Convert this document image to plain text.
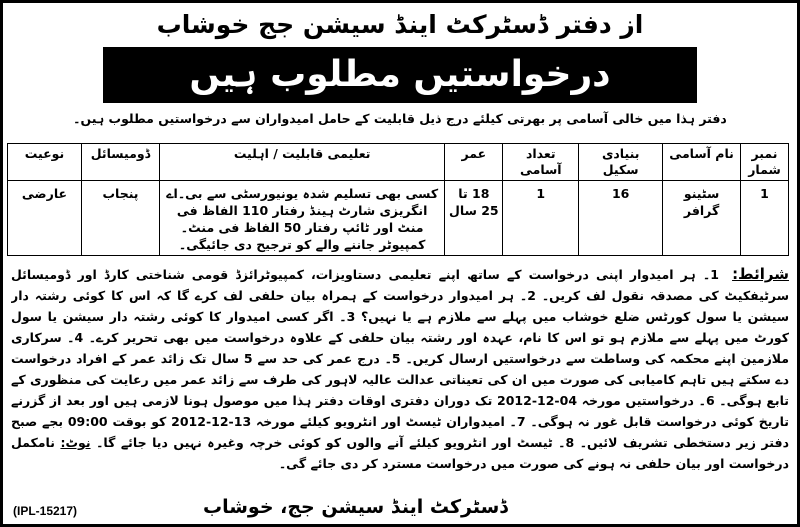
از دفتر ڈسٹرکٹ اینڈ سیشن جج خوشاب
درخواستیں مطلوب ہیں
دفتر ہذا میں خالی آسامی پر بھرتی کیلئے درج ذیل قابلیت کے حامل امیدواران سے درخواستیں مطلوب ہیں۔
نمبر شمار	نام آسامی	بنیادی سکیل	تعداد آسامی	عمر	تعلیمی قابلیت / اہلیت	ڈومیسائل	نوعیت
1	سٹینو گرافر	16	1	18 تا 25 سال	کسی بھی تسلیم شدہ یونیورسٹی سے بی۔اے انگریزی شارٹ ہینڈ رفتار 110 الفاظ فی منٹ اور ٹائپ رفتار 50 الفاظ فی منٹ۔ کمپیوٹر جاننے والے کو ترجیح دی جائیگی۔	پنجاب	عارضی
شرائط: 1۔ ہر امیدوار اپنی درخواست کے ساتھ اپنے تعلیمی دستاویزات، کمپیوٹرائزڈ قومی شناختی کارڈ اور ڈومیسائل سرٹیفکیٹ کی مصدقہ نقول لف کریں۔ 2۔ ہر امیدوار درخواست کے ہمراہ بیان حلفی لف کرے گا کہ اس کا کوئی رشتہ دار سیشن یا سول کورٹس ضلع خوشاب میں پہلے سے ملازم ہے یا نہیں؟ 3۔ اگر کسی امیدوار کا کوئی رشتہ دار سیشن یا سول کورٹ میں پہلے سے ملازم ہو تو اس کا نام، عہدہ اور رشتہ بیان حلفی کے علاوہ درخواست میں بھی تحریر کرے۔ 4۔ سرکاری ملازمین اپنے محکمہ کی وساطت سے درخواستیں ارسال کریں۔ 5۔ درج عمر کی حد سے 5 سال تک زائد عمر کے افراد درخواست دے سکتے ہیں تاہم کامیابی کی صورت میں ان کی تعیناتی عدالت عالیہ لاہور کی طرف سے زائد عمر میں رعایت کی منظوری کے تابع ہوگی۔ 6۔ درخواستیں مورخہ 04-12-2012 تک دوران دفتری اوقات دفتر ہذا میں موصول ہونا لازمی ہیں اور بعد از گزرنے تاریخ کوئی درخواست قابل غور نہ ہوگی۔ 7۔ امیدواران ٹیسٹ اور انٹرویو کیلئے مورخہ 13-12-2012 کو بوقت 09:00 بجے صبح دفتر زیر دستخطی تشریف لائیں۔ 8۔ ٹیسٹ اور انٹرویو کیلئے آنے والوں کو کوئی خرچہ وغیرہ نہیں دیا جائے گا۔ نوٹ: نامکمل درخواست اور بیان حلفی نہ ہونے کی صورت میں درخواست مسترد کر دی جائے گی۔
(IPL-15217)	ڈسٹرکٹ اینڈ سیشن جج، خوشاب
